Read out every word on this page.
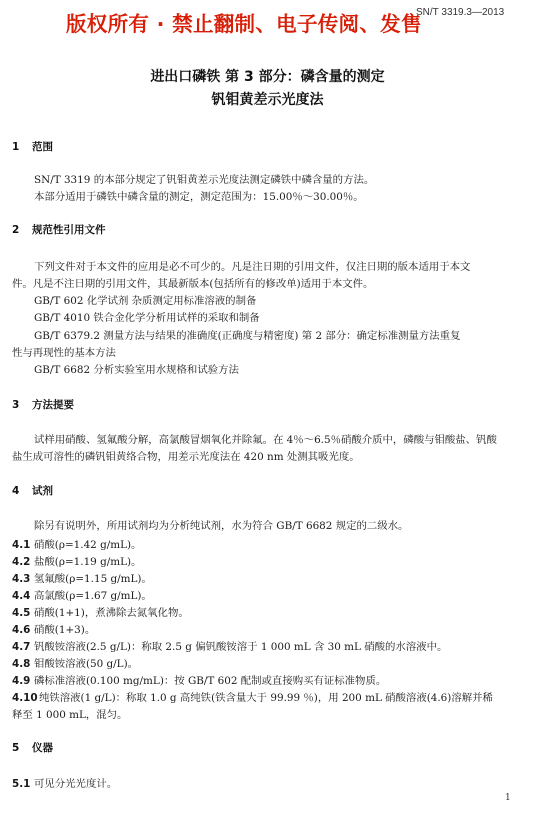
版权所有 · 禁止翻制、电子传阅、发售
SN/T 3319.3—2013
进出口磷铁 第 3 部分：磷含量的测定
钒钼黄差示光度法
1 范围
SN/T 3319 的本部分规定了钒钼黄差示光度法测定磷铁中磷含量的方法。
本部分适用于磷铁中磷含量的测定，测定范围为：15.00％～30.00％。
2 规范性引用文件
下列文件对于本文件的应用是必不可少的。凡是注日期的引用文件，仅注日期的版本适用于本文
件。凡是不注日期的引用文件，其最新版本(包括所有的修改单)适用于本文件。
GB/T 602 化学试剂 杂质测定用标准溶液的制备
GB/T 4010 铁合金化学分析用试样的采取和制备
GB/T 6379.2 测量方法与结果的准确度(正确度与精密度) 第 2 部分：确定标准测量方法重复
性与再现性的基本方法
GB/T 6682 分析实验室用水规格和试验方法
3 方法提要
试样用硝酸、氢氟酸分解，高氯酸冒烟氧化并除氟。在 4％～6.5％硝酸介质中，磷酸与钼酸盐、钒酸
盐生成可溶性的磷钒钼黄络合物，用差示光度法在 420 nm 处测其吸光度。
4 试剂
除另有说明外，所用试剂均为分析纯试剂，水为符合 GB/T 6682 规定的二级水。
4.1 硝酸(ρ=1.42 g/mL)。
4.2 盐酸(ρ=1.19 g/mL)。
4.3 氢氟酸(ρ=1.15 g/mL)。
4.4 高氯酸(ρ=1.67 g/mL)。
4.5 硝酸(1+1)，煮沸除去氮氧化物。
4.6 硝酸(1+3)。
4.7 钒酸铵溶液(2.5 g/L)：称取 2.5 g 偏钒酸铵溶于 1 000 mL 含 30 mL 硝酸的水溶液中。
4.8 钼酸铵溶液(50 g/L)。
4.9 磷标准溶液(0.100 mg/mL)：按 GB/T 602 配制或直接购买有证标准物质。
4.10纯铁溶液(1 g/L)：称取 1.0 g 高纯铁(铁含量大于 99.99 ％)，用 200 mL 硝酸溶液(4.6)溶解并稀
释至 1 000 mL，混匀。
5 仪器
5.1 可见分光光度计。
1
